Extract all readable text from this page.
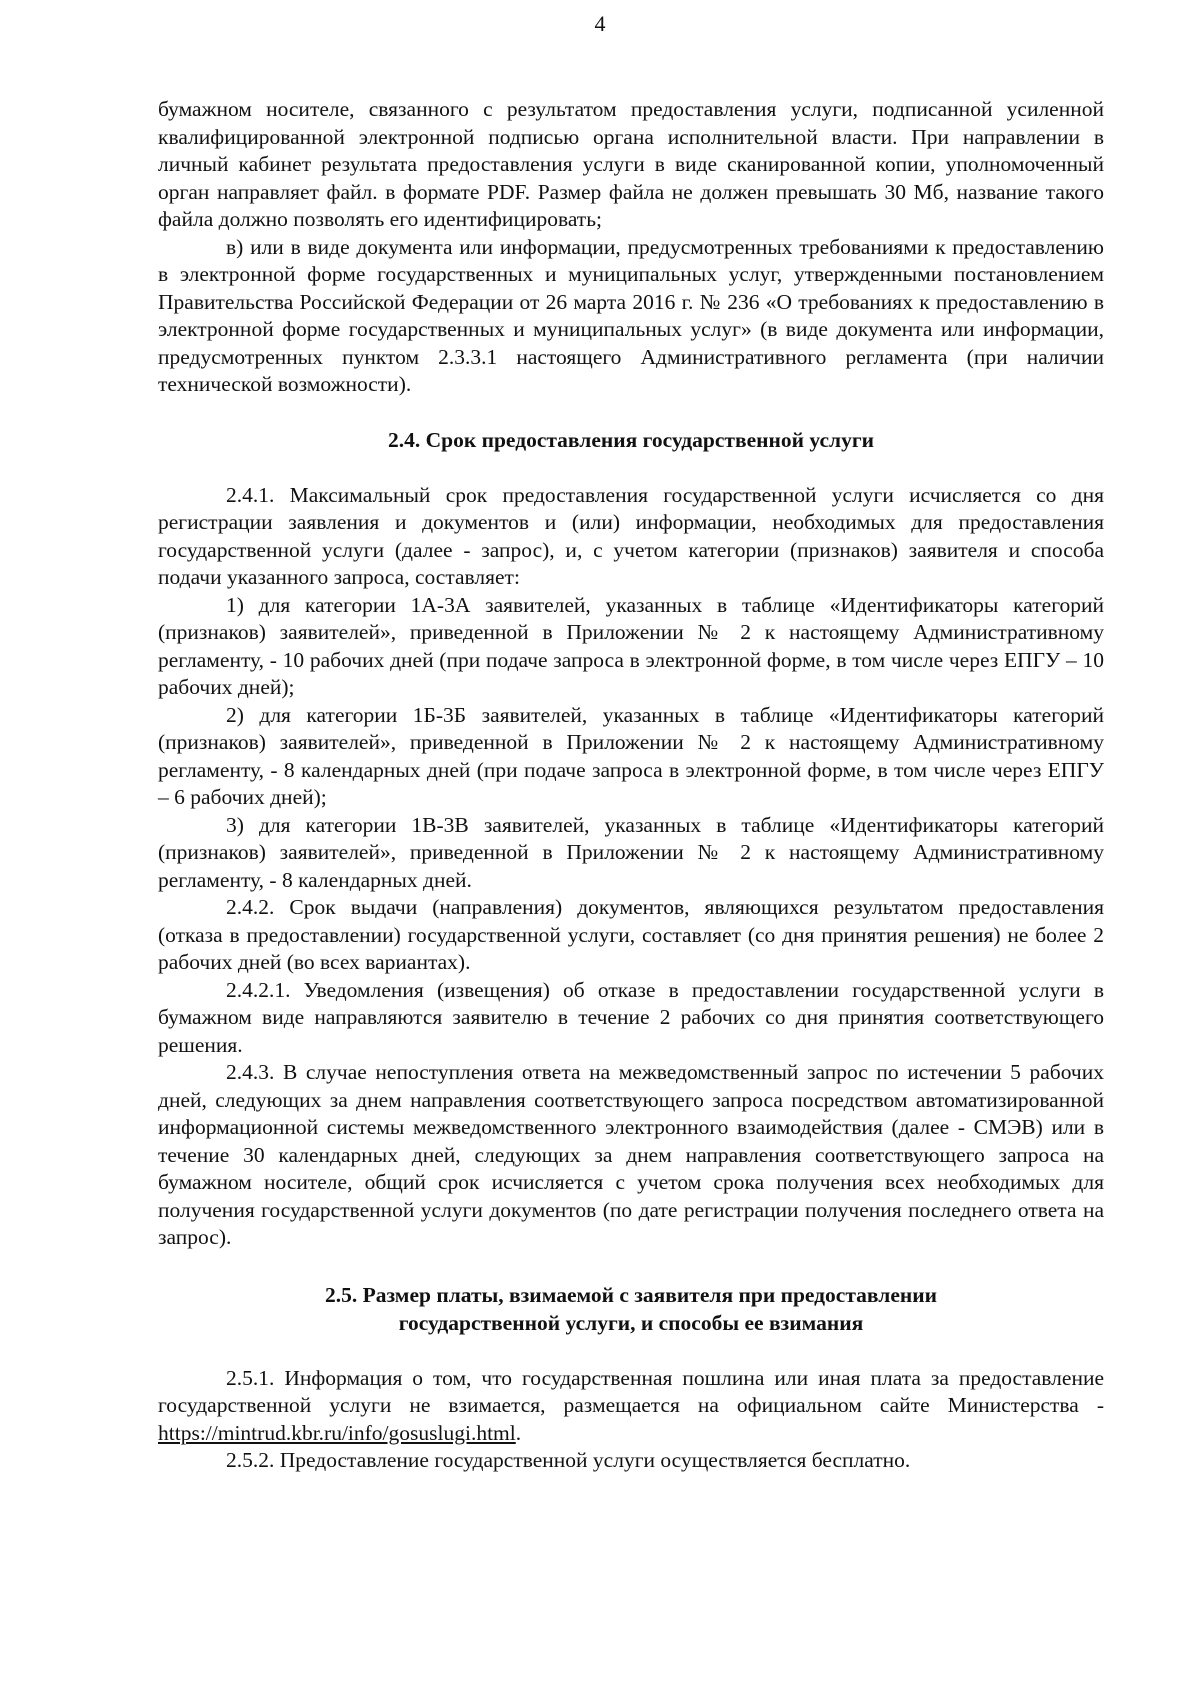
4

бумажном носителе, связанного с результатом предоставления услуги, подписанной усиленной квалифицированной электронной подписью органа исполнительной власти. При направлении в личный кабинет результата предоставления услуги в виде сканированной копии, уполномоченный орган направляет файл. в формате PDF. Размер файла не должен превышать 30 Мб, название такого файла должно позволять его идентифицировать;

в) или в виде документа или информации, предусмотренных требованиями к предоставлению в электронной форме государственных и муниципальных услуг, утвержденными постановлением Правительства Российской Федерации от 26 марта 2016 г. № 236 «О требованиях к предоставлению в электронной форме государственных и муниципальных услуг» (в виде документа или информации, предусмотренных пунктом 2.3.3.1 настоящего Административного регламента (при наличии технической возможности).

2.4. Срок предоставления государственной услуги

2.4.1. Максимальный срок предоставления государственной услуги исчисляется со дня регистрации заявления и документов и (или) информации, необходимых для предоставления государственной услуги (далее - запрос), и, с учетом категории (признаков) заявителя и способа подачи указанного запроса, составляет:

1) для категории 1А-3А заявителей, указанных в таблице «Идентификаторы категорий (признаков) заявителей», приведенной в Приложении № 2 к настоящему Административному регламенту, - 10 рабочих дней (при подаче запроса в электронной форме, в том числе через ЕПГУ – 10 рабочих дней);

2) для категории 1Б-3Б заявителей, указанных в таблице «Идентификаторы категорий (признаков) заявителей», приведенной в Приложении № 2 к настоящему Административному регламенту, - 8 календарных дней (при подаче запроса в электронной форме, в том числе через ЕПГУ – 6 рабочих дней);

3) для категории 1В-3В заявителей, указанных в таблице «Идентификаторы категорий (признаков) заявителей», приведенной в Приложении № 2 к настоящему Административному регламенту, - 8 календарных дней.

2.4.2. Срок выдачи (направления) документов, являющихся результатом предоставления (отказа в предоставлении) государственной услуги, составляет (со дня принятия решения) не более 2 рабочих дней (во всех вариантах).

2.4.2.1. Уведомления (извещения) об отказе в предоставлении государственной услуги в бумажном виде направляются заявителю в течение 2 рабочих со дня принятия соответствующего решения.

2.4.3. В случае непоступления ответа на межведомственный запрос по истечении 5 рабочих дней, следующих за днем направления соответствующего запроса посредством автоматизированной информационной системы межведомственного электронного взаимодействия (далее - СМЭВ) или в течение 30 календарных дней, следующих за днем направления соответствующего запроса на бумажном носителе, общий срок исчисляется с учетом срока получения всех необходимых для получения государственной услуги документов (по дате регистрации получения последнего ответа на запрос).

2.5. Размер платы, взимаемой с заявителя при предоставлении
государственной услуги, и способы ее взимания

2.5.1. Информация о том, что государственная пошлина или иная плата за предоставление государственной услуги не взимается, размещается на официальном сайте Министерства - https://mintrud.kbr.ru/info/gosuslugi.html.

2.5.2. Предоставление государственной услуги осуществляется бесплатно.
